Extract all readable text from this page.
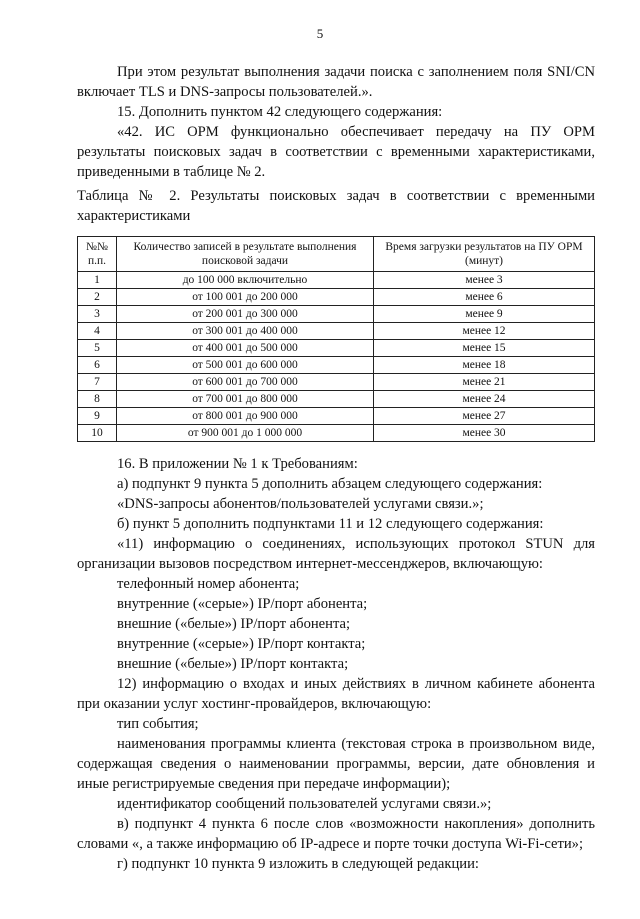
5

При этом результат выполнения задачи поиска с заполнением поля SNI/CN включает TLS и DNS-запросы пользователей.».

15. Дополнить пунктом 42 следующего содержания:

«42. ИС ОРМ функционально обеспечивает передачу на ПУ ОРМ результаты поисковых задач в соответствии с временными характеристиками, приведенными в таблице № 2.

Таблица № 2. Результаты поисковых задач в соответствии с временными характеристиками

№№ п.п.	Количество записей в результате выполнения поисковой задачи	Время загрузки результатов на ПУ ОРМ (минут)
1	до 100 000 включительно	менее 3
2	от 100 001 до 200 000	менее 6
3	от 200 001 до 300 000	менее 9
4	от 300 001 до 400 000	менее 12
5	от 400 001 до 500 000	менее 15
6	от 500 001 до 600 000	менее 18
7	от 600 001 до 700 000	менее 21
8	от 700 001 до 800 000	менее 24
9	от 800 001 до 900 000	менее 27
10	от 900 001 до 1 000 000	менее 30

16. В приложении № 1 к Требованиям:

а) подпункт 9 пункта 5 дополнить абзацем следующего содержания:

«DNS-запросы абонентов/пользователей услугами связи.»;

б) пункт 5 дополнить подпунктами 11 и 12 следующего содержания:

«11) информацию о соединениях, использующих протокол STUN для организации вызовов посредством интернет-мессенджеров, включающую:

телефонный номер абонента;

внутренние («серые») IP/порт абонента;

внешние («белые») IP/порт абонента;

внутренние («серые») IP/порт контакта;

внешние («белые») IP/порт контакта;

12) информацию о входах и иных действиях в личном кабинете абонента при оказании услуг хостинг-провайдеров, включающую:

тип события;

наименования программы клиента (текстовая строка в произвольном виде, содержащая сведения о наименовании программы, версии, дате обновления и иные регистрируемые сведения при передаче информации);

идентификатор сообщений пользователей услугами связи.»;

в) подпункт 4 пункта 6 после слов «возможности накопления» дополнить словами «, а также информацию об IP-адресе и порте точки доступа Wi-Fi-сети»;

г) подпункт 10 пункта 9 изложить в следующей редакции:
